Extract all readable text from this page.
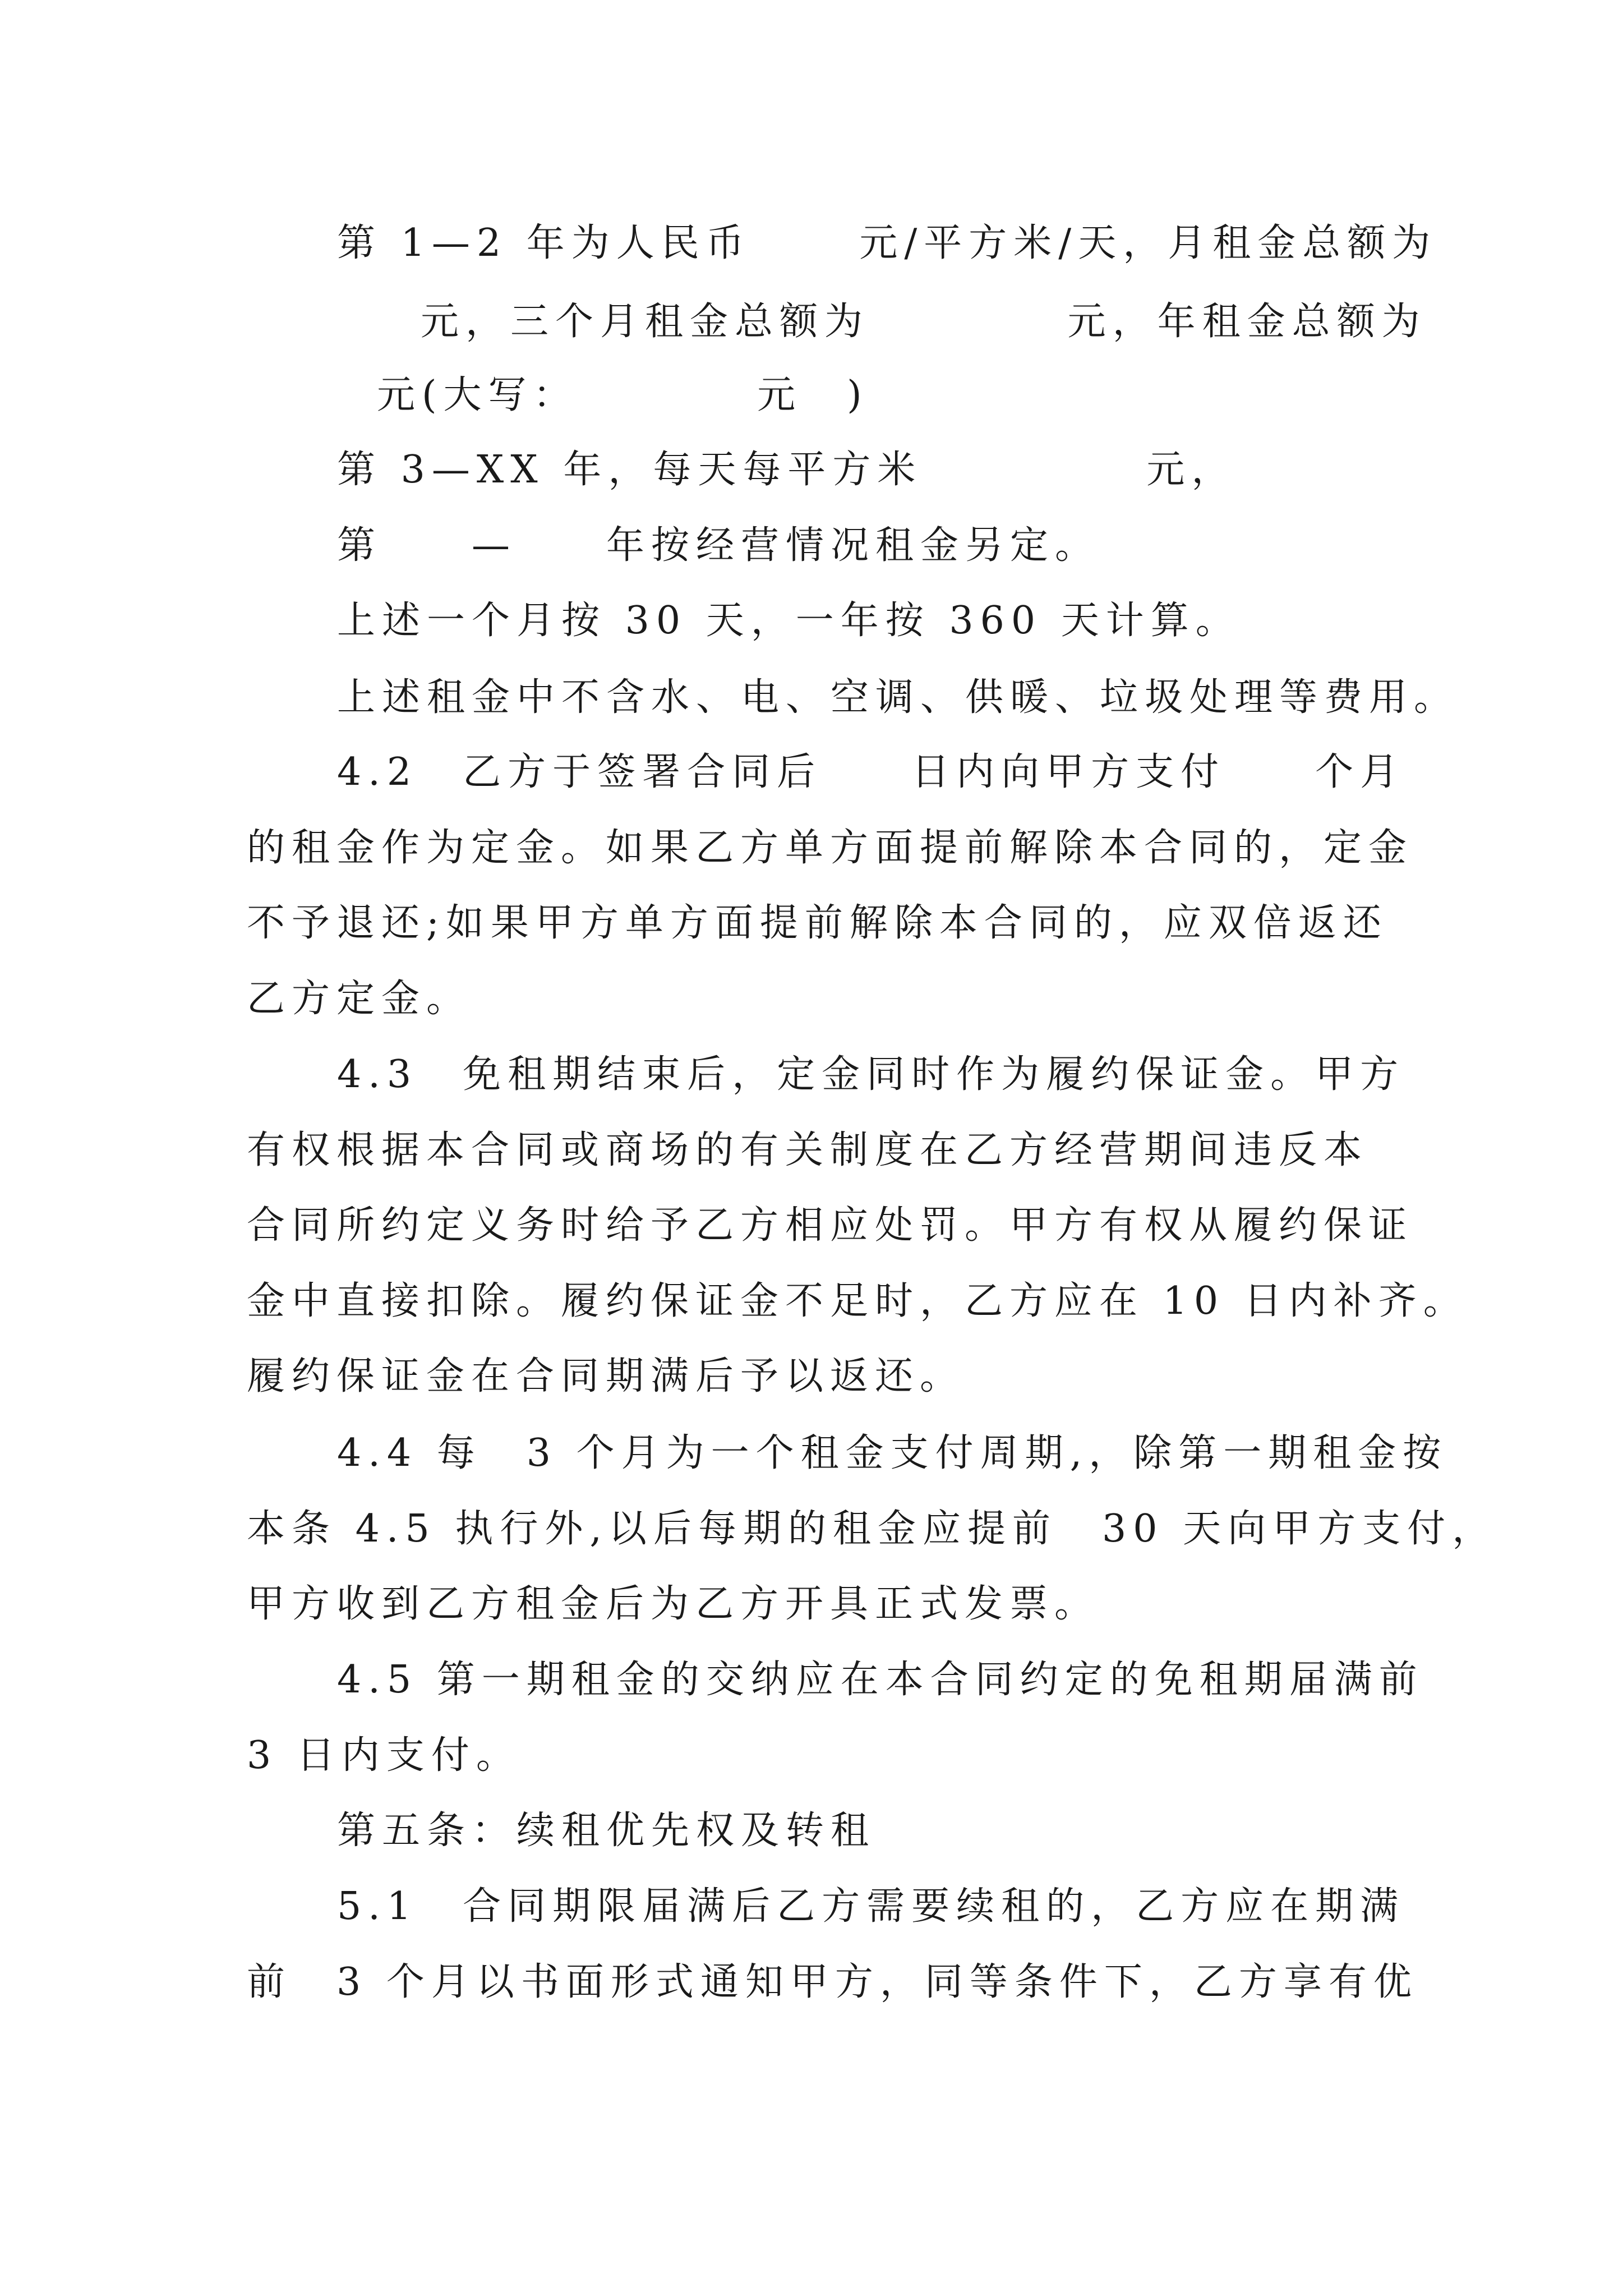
第 1—2 年为人民币　　 元/平方米/天，月租金总额为
元，三个月租金总额为　　　　 元，年租金总额为
元(大写：　　　　 元　)
第 3—XX 年，每天每平方米　　　　　元，
第　　—　　年按经营情况租金另定。
上述一个月按 30 天，一年按 360 天计算。
上述租金中不含水、电、空调、供暖、垃圾处理等费用。
4.2　乙方于签署合同后　　日内向甲方支付　　个月
的租金作为定金。如果乙方单方面提前解除本合同的，定金
不予退还;如果甲方单方面提前解除本合同的，应双倍返还
乙方定金。
4.3　免租期结束后，定金同时作为履约保证金。甲方
有权根据本合同或商场的有关制度在乙方经营期间违反本
合同所约定义务时给予乙方相应处罚。甲方有权从履约保证
金中直接扣除。履约保证金不足时，乙方应在 10 日内补齐。
履约保证金在合同期满后予以返还。
4.4 每　3 个月为一个租金支付周期,，除第一期租金按
本条 4.5 执行外,以后每期的租金应提前　30 天向甲方支付，
甲方收到乙方租金后为乙方开具正式发票。
4.5 第一期租金的交纳应在本合同约定的免租期届满前
3 日内支付。
第五条：续租优先权及转租
5.1　合同期限届满后乙方需要续租的，乙方应在期满
前　3 个月以书面形式通知甲方，同等条件下，乙方享有优
